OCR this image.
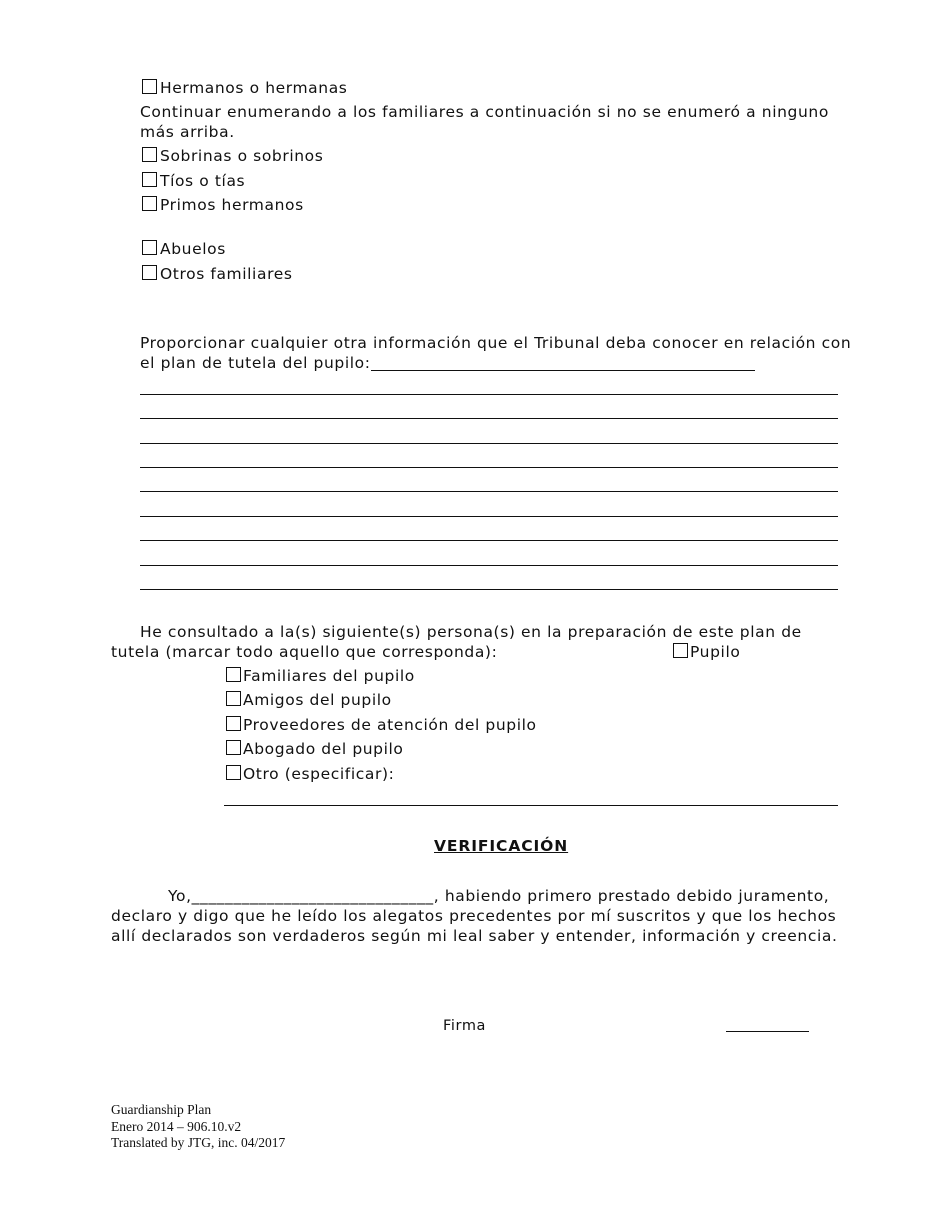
Hermanos o hermanas
Continuar enumerando a los familiares a continuación si no se enumeró a ninguno más arriba.
Sobrinas o sobrinos
Tíos o tías
Primos hermanos
Abuelos
Otros familiares
Proporcionar cualquier otra información que el Tribunal deba conocer en relación con
el plan de tutela del pupilo:
He consultado a la(s) siguiente(s) persona(s) en la preparación de este plan de
tutela (marcar todo aquello que corresponda):	Pupilo
Familiares del pupilo
Amigos del pupilo
Proveedores de atención del pupilo
Abogado del pupilo
Otro (especificar):
VERIFICACIÓN
Yo,_____________________________, habiendo primero prestado debido juramento, declaro y digo que he leído los alegatos precedentes por mí suscritos y que los hechos allí declarados son verdaderos según mi leal saber y entender, información y creencia.
Firma
Guardianship Plan
Enero 2014 – 906.10.v2
Translated by JTG, inc. 04/2017
